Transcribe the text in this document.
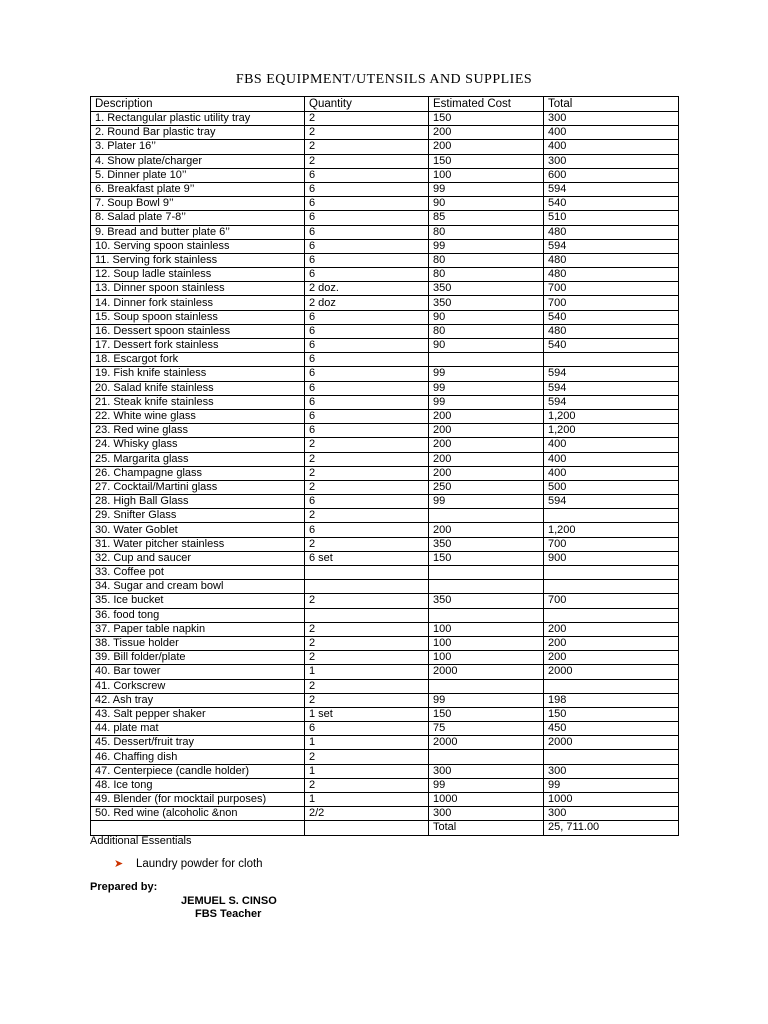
FBS EQUIPMENT/UTENSILS AND SUPPLIES
Description	Quantity	Estimated Cost	Total
1. Rectangular plastic utility tray	2	150	300
2. Round Bar plastic tray	2	200	400
3. Plater 16’’	2	200	400
4. Show plate/charger	2	150	300
5. Dinner plate 10’’	6	100	600
6. Breakfast plate 9’’	6	99	594
7. Soup Bowl 9’’	6	90	540
8. Salad plate 7-8’’	6	85	510
9. Bread and butter plate 6’’	6	80	480
10. Serving spoon stainless	6	99	594
11. Serving fork stainless	6	80	480
12. Soup ladle stainless	6	80	480
13. Dinner spoon stainless	2 doz.	350	700
14. Dinner fork stainless	2 doz	350	700
15. Soup spoon stainless	6	90	540
16. Dessert spoon stainless	6	80	480
17. Dessert fork stainless	6	90	540
18. Escargot fork	6		
19. Fish knife stainless	6	99	594
20. Salad knife stainless	6	99	594
21. Steak knife stainless	6	99	594
22. White wine glass	6	200	1,200
23. Red wine glass	6	200	1,200
24. Whisky glass	2	200	400
25. Margarita glass	2	200	400
26. Champagne glass	2	200	400
27. Cocktail/Martini glass	2	250	500
28. High Ball Glass	6	99	594
29. Snifter Glass	2		
30. Water Goblet	6	200	1,200
31. Water pitcher stainless	2	350	700
32. Cup and saucer	6 set	150	900
33. Coffee pot			
34. Sugar and cream bowl			
35. Ice bucket	2	350	700
36. food tong			
37. Paper table napkin	2	100	200
38. Tissue holder	2	100	200
39. Bill folder/plate	2	100	200
40. Bar tower	1	2000	2000
41. Corkscrew	2		
42. Ash tray	2	99	198
43. Salt pepper shaker	1 set	150	150
44. plate mat	6	75	450
45. Dessert/fruit tray	1	2000	2000
46. Chaffing dish	2		
47. Centerpiece (candle holder)	1	300	300
48. Ice tong	2	99	99
49. Blender (for mocktail purposes)	1	1000	1000
50. Red wine (alcoholic &non	2/2	300	300
		Total	25, 711.00
Additional Essentials
➤ Laundry powder for cloth
Prepared by:
JEMUEL S. CINSO
FBS Teacher
